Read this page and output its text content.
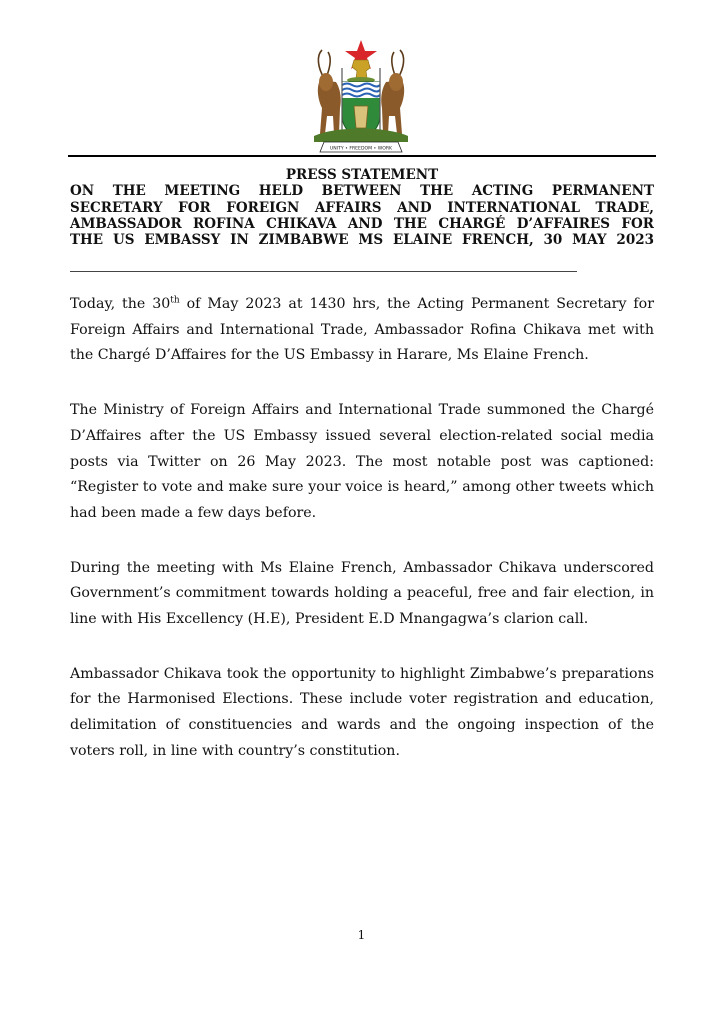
UNITY • FREEDOM • WORK
PRESS STATEMENT
ON THE MEETING HELD BETWEEN THE ACTING PERMANENT
SECRETARY FOR FOREIGN AFFAIRS AND INTERNATIONAL TRADE,
AMBASSADOR ROFINA CHIKAVA AND THE CHARGÉ D’AFFAIRES FOR
THE US EMBASSY IN ZIMBABWE MS ELAINE FRENCH, 30 MAY 2023

Today, the 30th of May 2023 at 1430 hrs, the Acting Permanent Secretary for Foreign Affairs and International Trade, Ambassador Rofina Chikava met with the Chargé D’Affaires for the US Embassy in Harare, Ms Elaine French.

The Ministry of Foreign Affairs and International Trade summoned the Chargé D’Affaires after the US Embassy issued several election-related social media posts via Twitter on 26 May 2023. The most notable post was captioned: “Register to vote and make sure your voice is heard,” among other tweets which had been made a few days before.

During the meeting with Ms Elaine French, Ambassador Chikava underscored Government’s commitment towards holding a peaceful, free and fair election, in line with His Excellency (H.E), President E.D Mnangagwa’s clarion call.

Ambassador Chikava took the opportunity to highlight Zimbabwe’s preparations for the Harmonised Elections. These include voter registration and education, delimitation of constituencies and wards and the ongoing inspection of the voters roll, in line with country’s constitution.

1
